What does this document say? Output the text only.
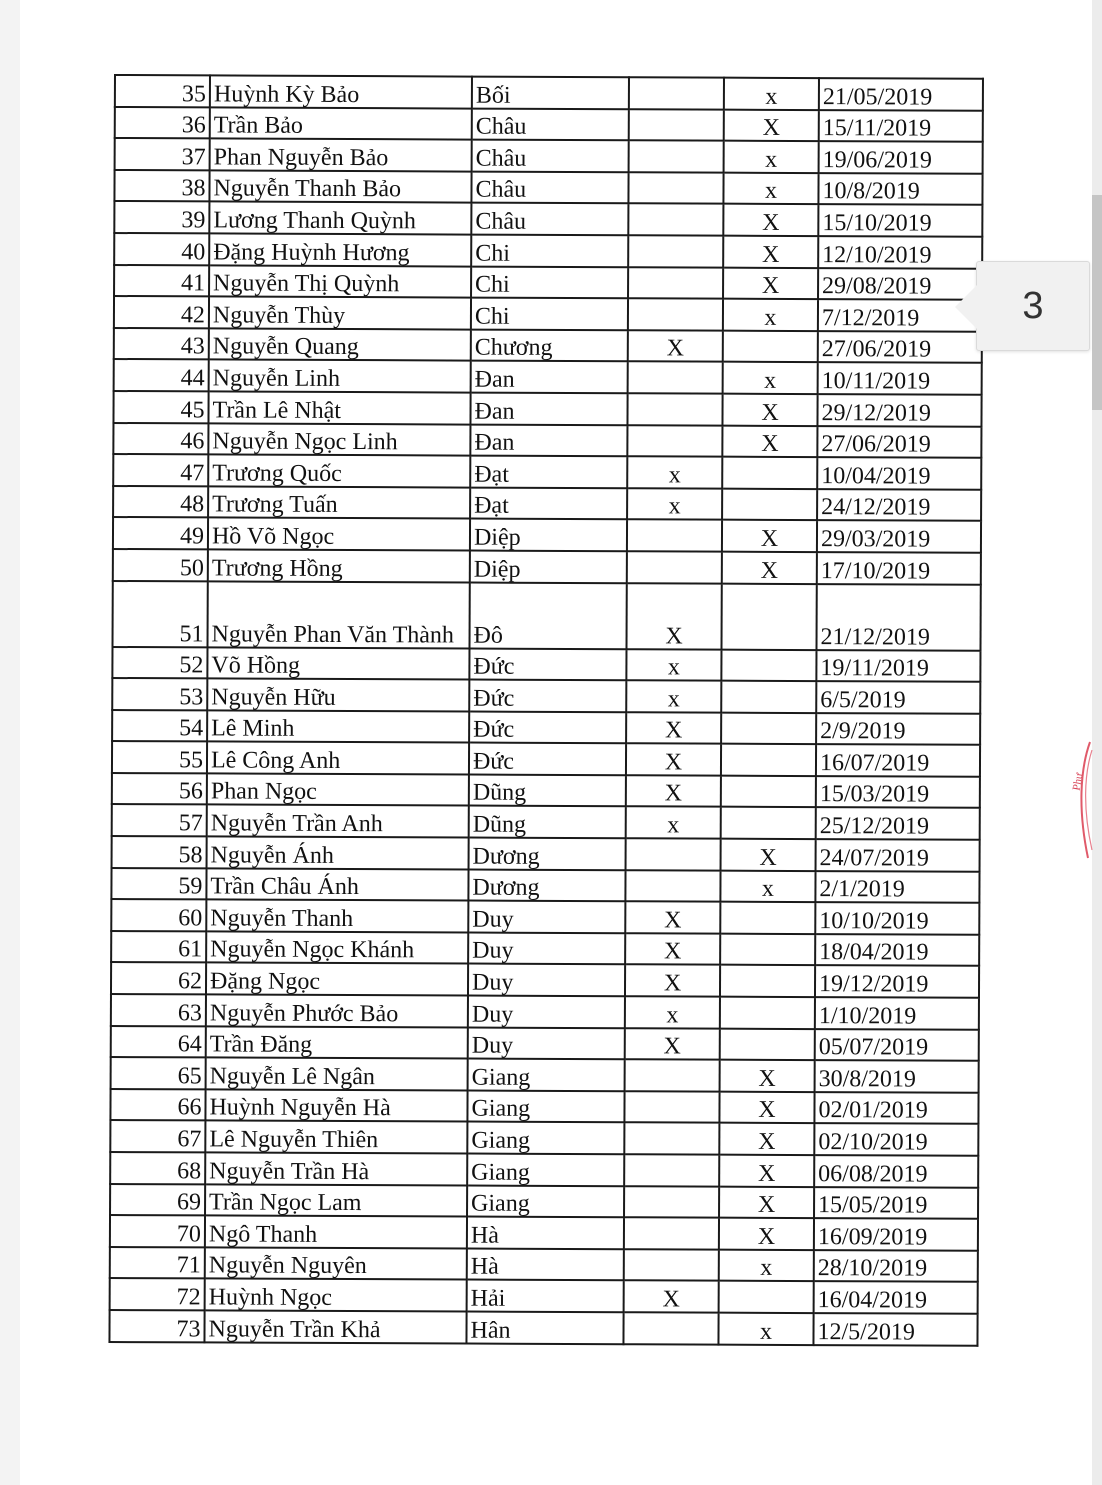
35	Huỳnh Kỳ Bảo	Bối		x	21/05/2019
36	Trần Bảo	Châu		X	15/11/2019
37	Phan Nguyễn Bảo	Châu		x	19/06/2019
38	Nguyễn Thanh Bảo	Châu		x	10/8/2019
39	Lương Thanh Quỳnh	Châu		X	15/10/2019
40	Đặng Huỳnh Hương	Chi		X	12/10/2019
41	Nguyễn Thị Quỳnh	Chi		X	29/08/2019
42	Nguyễn Thùy	Chi		x	7/12/2019
43	Nguyễn Quang	Chương	X		27/06/2019
44	Nguyễn Linh	Đan		x	10/11/2019
45	Trần Lê Nhật	Đan		X	29/12/2019
46	Nguyễn Ngọc Linh	Đan		X	27/06/2019
47	Trương Quốc	Đạt	x		10/04/2019
48	Trương Tuấn	Đạt	x		24/12/2019
49	Hồ Võ Ngọc	Diệp		X	29/03/2019
50	Trương Hồng	Diệp		X	17/10/2019
51	Nguyễn Phan Văn Thành	Đô	X		21/12/2019
52	Võ Hồng	Đức	x		19/11/2019
53	Nguyễn Hữu	Đức	x		6/5/2019
54	Lê Minh	Đức	X		2/9/2019
55	Lê Công Anh	Đức	X		16/07/2019
56	Phan Ngọc	Dũng	X		15/03/2019
57	Nguyễn Trần Anh	Dũng	x		25/12/2019
58	Nguyễn Ánh	Dương		X	24/07/2019
59	Trần Châu Ánh	Dương		x	2/1/2019
60	Nguyễn Thanh	Duy	X		10/10/2019
61	Nguyễn Ngọc Khánh	Duy	X		18/04/2019
62	Đặng Ngọc	Duy	X		19/12/2019
63	Nguyễn Phước Bảo	Duy	x		1/10/2019
64	Trần Đăng	Duy	X		05/07/2019
65	Nguyễn Lê Ngân	Giang		X	30/8/2019
66	Huỳnh Nguyễn Hà	Giang		X	02/01/2019
67	Lê Nguyễn Thiên	Giang		X	02/10/2019
68	Nguyễn Trần Hà	Giang		X	06/08/2019
69	Trần Ngọc Lam	Giang		X	15/05/2019
70	Ngô Thanh	Hà		X	16/09/2019
71	Nguyễn Nguyên	Hà		x	28/10/2019
72	Huỳnh Ngọc	Hải	X		16/04/2019
73	Nguyễn Trần Khả	Hân		x	12/5/2019
3
Phư
